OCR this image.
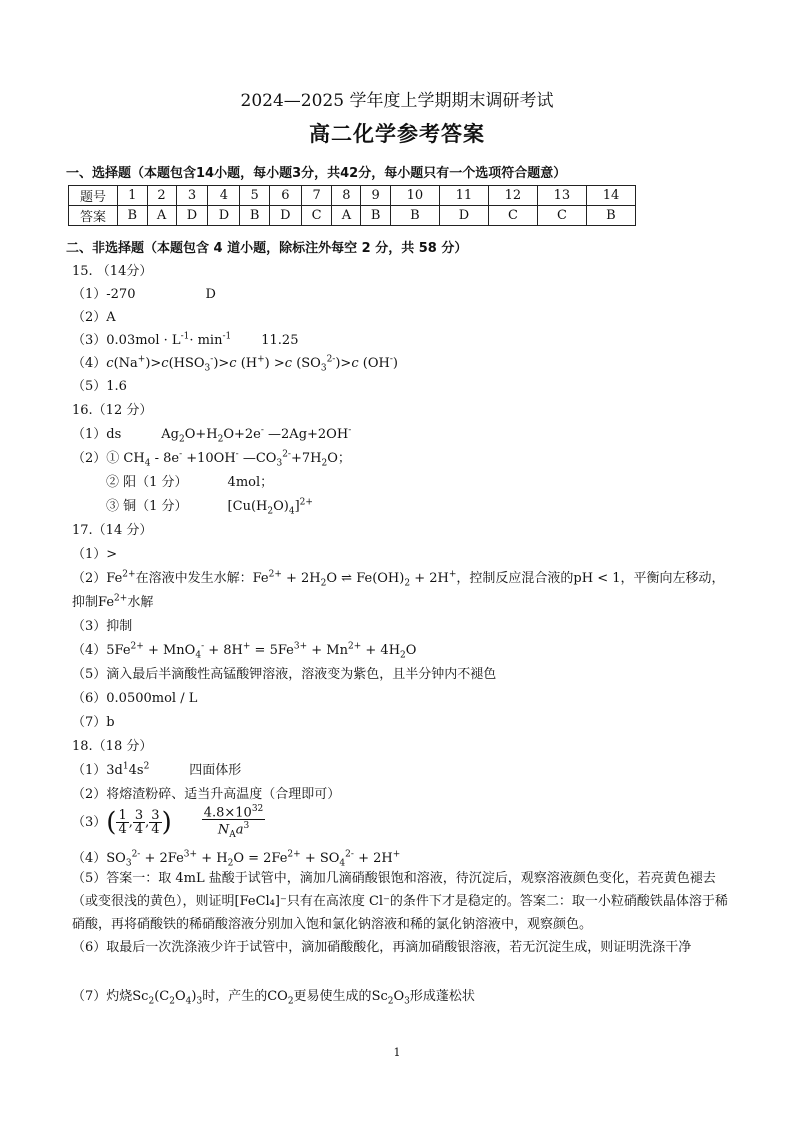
2024—2025 学年度上学期期末调研考试
高二化学参考答案
一、选择题（本题包含14小题，每小题3分，共42分，每小题只有一个选项符合题意）
题号	1	2	3	4	5	6	7	8	9	10	11	12	13	14
答案	B	A	D	D	B	D	C	A	B	B	D	C	C	B
二、非选择题（本题包含 4 道小题，除标注外每空 2 分，共 58 分）
15. （14分）
（1）-270	D
（2）A
$(3)0.03mol \cdot L^{-1}\cdot \min^{-1} 11.25$
$(4)c(Na^+)>c(HSO_3^-)>c$ (H+) >c $(SO_3^{2-})>c$ (OH-)
（5）1.6
16.（12 分）
（1）ds	$Ag_2O+H_2O+2e^-$ —2Ag+2OH-
（2）① $CH_4 - 8e^- +10OH^-$ $—CO_3^{2-}+7H_2O$；
② 阳（1 分）	4mol；
③ 铜（1 分）	$[Cu(H_2O)_4]^{2+}$
17.（14 分）
（1）>
$(2)Fe^{2+}$在溶液中发生水解：$Fe^{2+} + 2H_2O$ ⇌ $Fe(OH)_2 + 2H^+$，控制反应混合液的pH < 1，平衡向左移动，
抑制$Fe^{2+}$水解
（3）抑制
$(4)5Fe^{2+} + MnO_4^- + 8H^+ = 5Fe^{3+} + Mn^{2+} + 4H_2O$
（5）滴入最后半滴酸性高锰酸钾溶液，溶液变为紫色，且半分钟内不褪色
（6）0.0500mol / L
（7）b
18.（18 分）
$(1)3d^14s^2$	四面体形
（2）将熔渣粉碎、适当升高温度（合理即可）
$(3)( \frac{1}{4}$ , $\frac{3}{4}$ , $\frac{3}{4}$ ) $\frac{4.8\times 10^{32}}{N_Aa^3}$
$(4)SO_3^{2-} + 2Fe^{3+} + H_2O = 2Fe^{2+} + SO_4^{2-} + 2H^+$
（5）答案一：取 4mL 盐酸于试管中，滴加几滴硝酸银饱和溶液，待沉淀后，观察溶液颜色变化，若亮黄色褪去（或变很浅的黄色），则证明[FeCl₄]⁻只有在高浓度 Cl⁻的条件下才是稳定的。答案二：取一小粒硝酸铁晶体溶于稀硝酸，再将硝酸铁的稀硝酸溶液分别加入饱和氯化钠溶液和稀的氯化钠溶液中，观察颜色。
（6）取最后一次洗涤液少许于试管中，滴加硝酸酸化，再滴加硝酸银溶液，若无沉淀生成，则证明洗涤干净
（7）灼烧$Sc_2(C_2O_4)_3$时，产生的$CO_2$更易使生成的$Sc_2O_3$形成蓬松状
1
